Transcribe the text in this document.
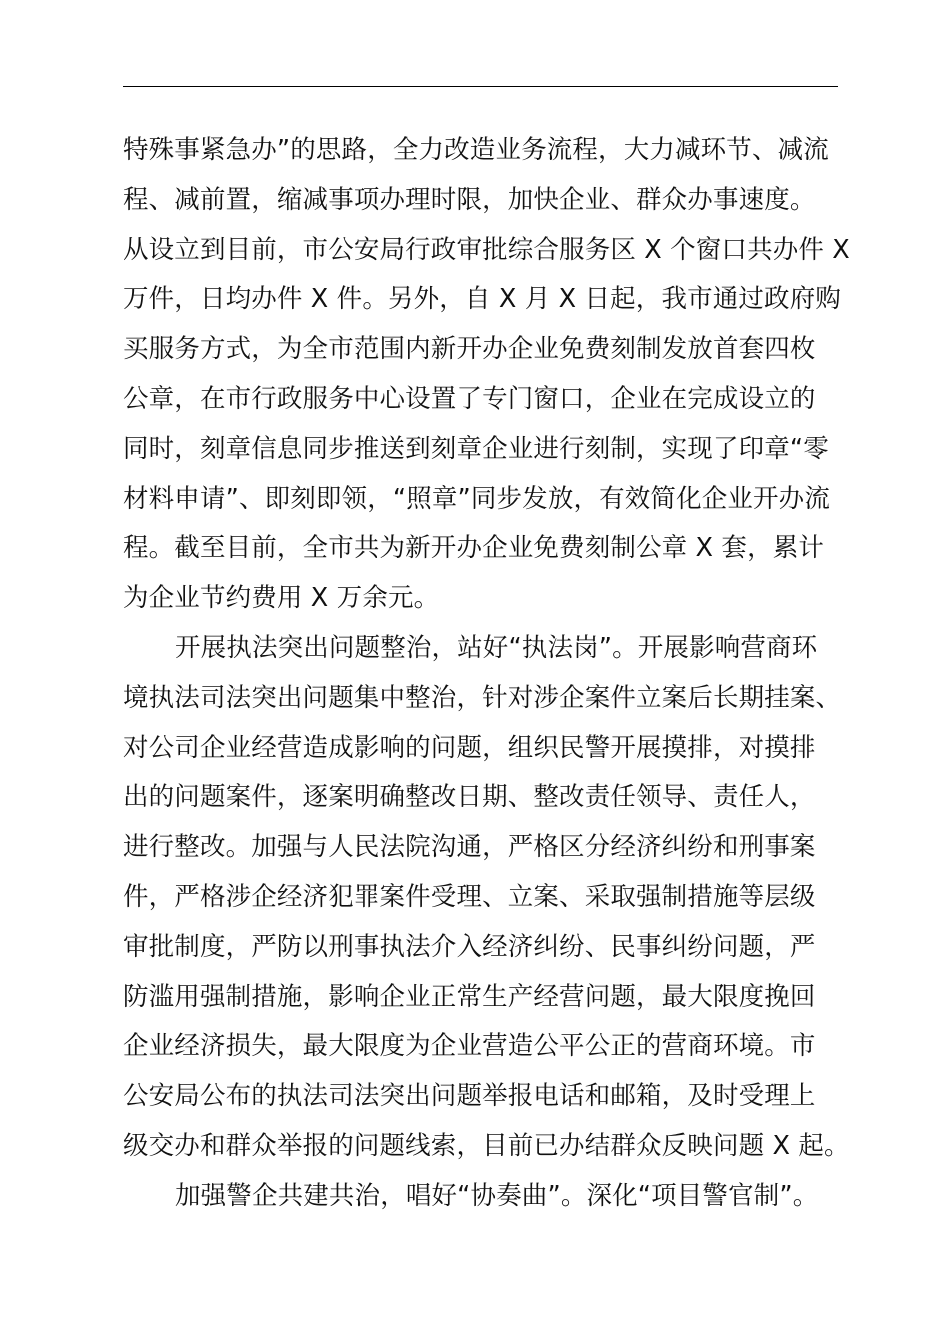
特殊事紧急办”的思路，全力改造业务流程，大力减环节、减流
程、减前置，缩减事项办理时限，加快企业、群众办事速度。
从设立到目前，市公安局行政审批综合服务区 X 个窗口共办件 X
万件，日均办件 X 件。另外，自 X 月 X 日起，我市通过政府购
买服务方式，为全市范围内新开办企业免费刻制发放首套四枚
公章，在市行政服务中心设置了专门窗口，企业在完成设立的
同时，刻章信息同步推送到刻章企业进行刻制，实现了印章“零
材料申请”、即刻即领，“照章”同步发放，有效简化企业开办流
程。截至目前，全市共为新开办企业免费刻制公章 X 套，累计
为企业节约费用 X 万余元。
开展执法突出问题整治，站好“执法岗”。开展影响营商环
境执法司法突出问题集中整治，针对涉企案件立案后长期挂案、
对公司企业经营造成影响的问题，组织民警开展摸排，对摸排
出的问题案件，逐案明确整改日期、整改责任领导、责任人，
进行整改。加强与人民法院沟通，严格区分经济纠纷和刑事案
件，严格涉企经济犯罪案件受理、立案、采取强制措施等层级
审批制度，严防以刑事执法介入经济纠纷、民事纠纷问题，严
防滥用强制措施，影响企业正常生产经营问题，最大限度挽回
企业经济损失，最大限度为企业营造公平公正的营商环境。市
公安局公布的执法司法突出问题举报电话和邮箱，及时受理上
级交办和群众举报的问题线索，目前已办结群众反映问题 X 起。
加强警企共建共治，唱好“协奏曲”。深化“项目警官制”。
